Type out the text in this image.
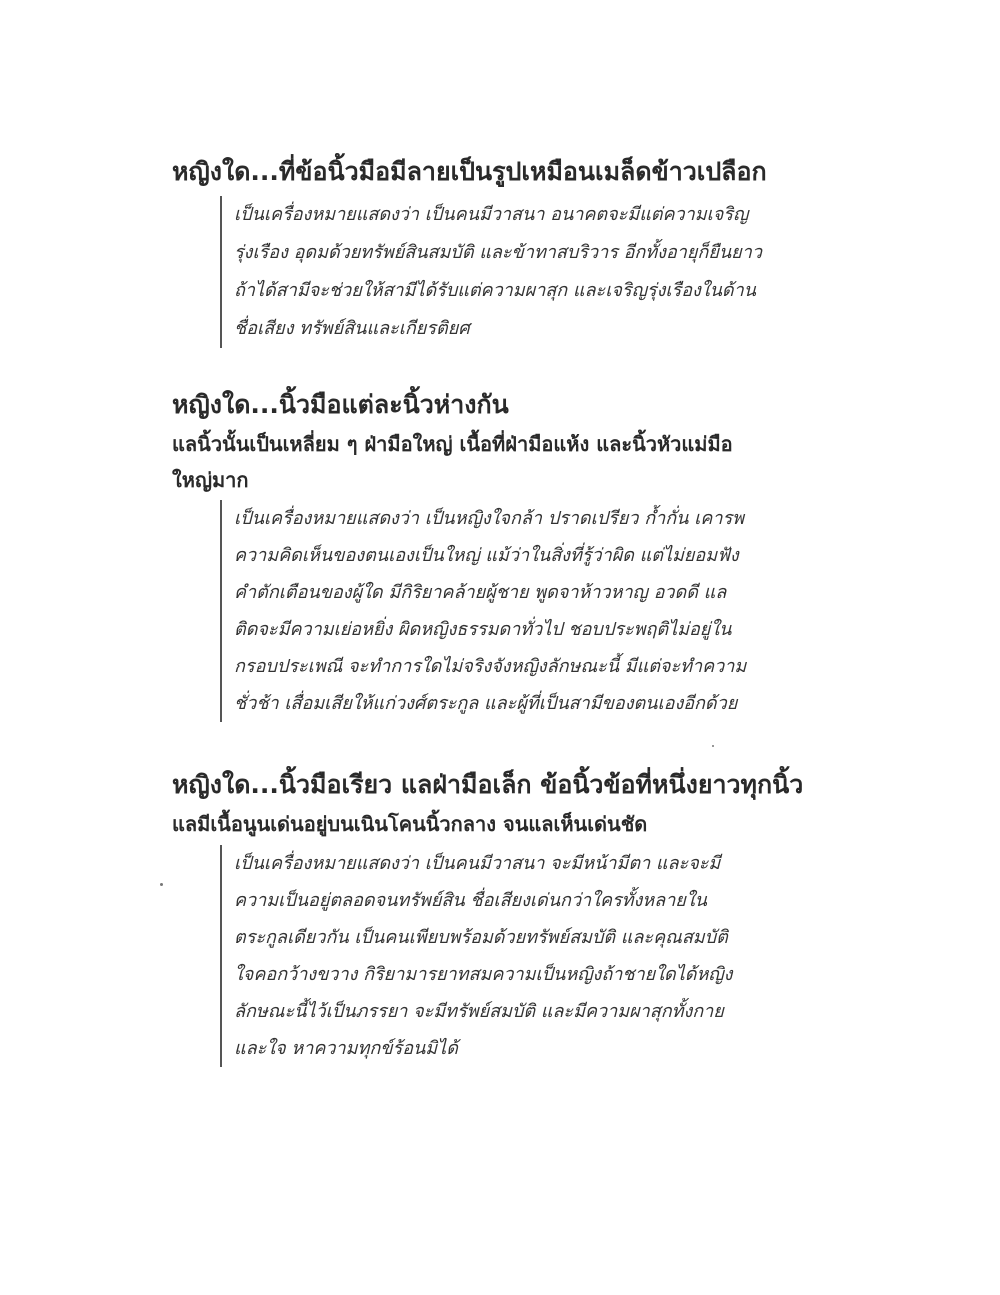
หญิงใด...ที่ข้อนิ้วมือมีลายเป็นรูปเหมือนเมล็ดข้าวเปลือก
เป็นเครื่องหมายแสดงว่า เป็นคนมีวาสนา อนาคตจะมีแต่ความเจริญ
รุ่งเรือง อุดมด้วยทรัพย์สินสมบัติ และข้าทาสบริวาร อีกทั้งอายุก็ยืนยาว
ถ้าได้สามีจะช่วยให้สามีได้รับแต่ความผาสุก และเจริญรุ่งเรืองในด้าน
ชื่อเสียง ทรัพย์สินและเกียรติยศ
หญิงใด...นิ้วมือแต่ละนิ้วห่างกัน
แลนิ้วนั้นเป็นเหลี่ยม ๆ ฝ่ามือใหญ่ เนื้อที่ฝ่ามือแห้ง และนิ้วหัวแม่มือ
ใหญ่มาก
เป็นเครื่องหมายแสดงว่า เป็นหญิงใจกล้า ปราดเปรียว ก้ำกั่น เคารพ
ความคิดเห็นของตนเองเป็นใหญ่ แม้ว่าในสิ่งที่รู้ว่าผิด แต่ไม่ยอมฟัง
คำตักเตือนของผู้ใด มีกิริยาคล้ายผู้ชาย พูดจาห้าวหาญ อวดดี แล
ติดจะมีความเย่อหยิ่ง ผิดหญิงธรรมดาทั่วไป ชอบประพฤติไม่อยู่ใน
กรอบประเพณี จะทำการใดไม่จริงจังหญิงลักษณะนี้ มีแต่จะทำความ
ชั่วช้า เสื่อมเสียให้แก่วงศ์ตระกูล และผู้ที่เป็นสามีของตนเองอีกด้วย
หญิงใด...นิ้วมือเรียว แลฝ่ามือเล็ก ข้อนิ้วข้อที่หนึ่งยาวทุกนิ้ว
แลมีเนื้อนูนเด่นอยู่บนเนินโคนนิ้วกลาง จนแลเห็นเด่นชัด
เป็นเครื่องหมายแสดงว่า เป็นคนมีวาสนา จะมีหน้ามีตา และจะมี
ความเป็นอยู่ตลอดจนทรัพย์สิน ชื่อเสียงเด่นกว่าใครทั้งหลายใน
ตระกูลเดียวกัน เป็นคนเพียบพร้อมด้วยทรัพย์สมบัติ และคุณสมบัติ
ใจคอกว้างขวาง กิริยามารยาทสมความเป็นหญิงถ้าชายใดได้หญิง
ลักษณะนี้ไว้เป็นภรรยา จะมีทรัพย์สมบัติ และมีความผาสุกทั้งกาย
และใจ หาความทุกข์ร้อนมิได้
